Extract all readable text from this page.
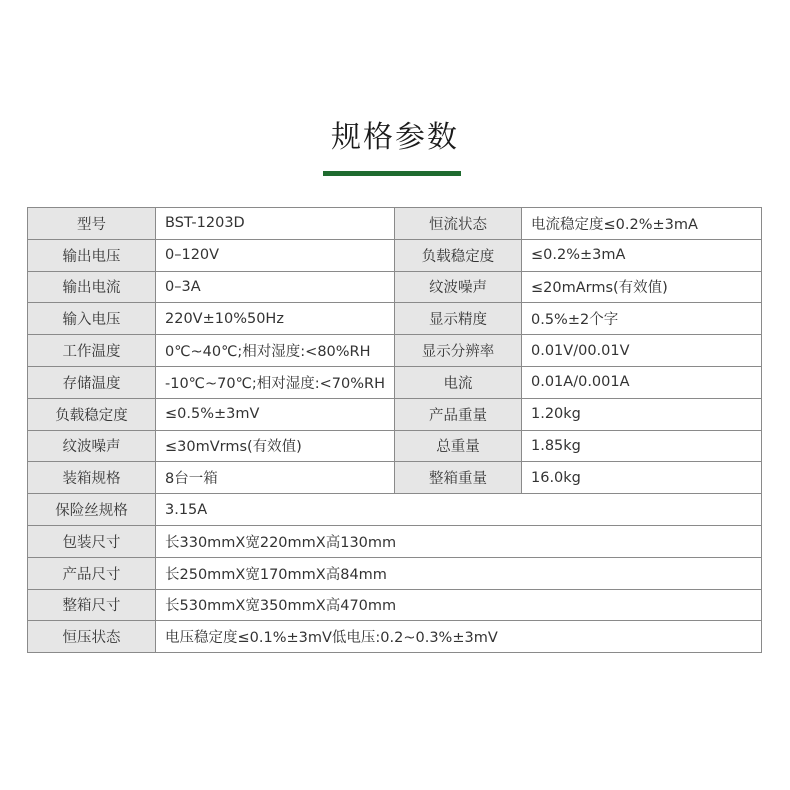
规格参数
型号	BST-1203D	恒流状态	电流稳定度≤0.2%±3mA
输出电压	0–120V	负载稳定度	≤0.2%±3mA
输出电流	0–3A	纹波噪声	≤20mArms(有效值)
输入电压	220V±10%50Hz	显示精度	0.5%±2个字
工作温度	0℃~40℃;相对湿度:<80%RH	显示分辨率	0.01V/00.01V
存储温度	-10℃~70℃;相对湿度:<70%RH	电流	0.01A/0.001A
负载稳定度	≤0.5%±3mV	产品重量	1.20kg
纹波噪声	≤30mVrms(有效值)	总重量	1.85kg
装箱规格	8台一箱	整箱重量	16.0kg
保险丝规格	3.15A		
包装尺寸	长330mmX宽220mmX高130mm		
产品尺寸	长250mmX宽170mmX高84mm		
整箱尺寸	长530mmX宽350mmX高470mm		
恒压状态	电压稳定度≤0.1%±3mV低电压:0.2~0.3%±3mV		
